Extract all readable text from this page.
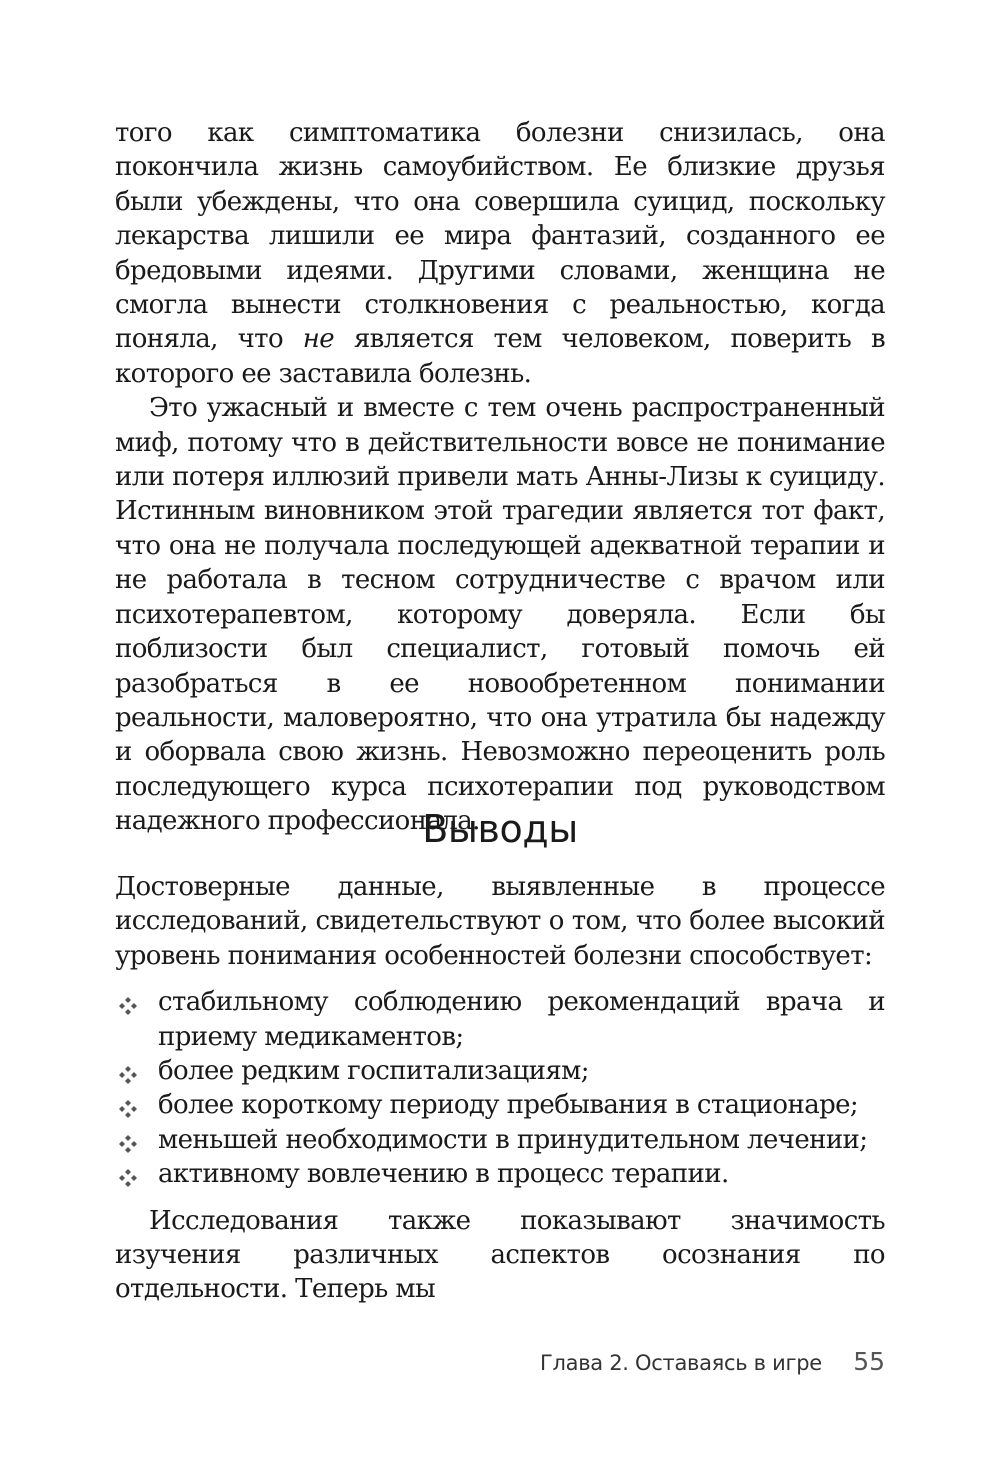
того как симптоматика болезни снизилась, она покончила жизнь самоубийством. Ее близкие друзья были убеждены, что она совершила суицид, поскольку лекарства лишили ее мира фантазий, созданного ее бредовыми идеями. Другими словами, женщина не смогла вынести столкновения с реальностью, когда поняла, что не является тем человеком, поверить в которого ее заставила болезнь.

Это ужасный и вместе с тем очень распространенный миф, потому что в действительности вовсе не понимание или потеря иллюзий привели мать Анны-Лизы к суициду. Истинным виновником этой трагедии является тот факт, что она не получала последующей адекватной терапии и не работала в тесном сотрудничестве с врачом или психотерапевтом, которому доверяла. Если бы поблизости был специалист, готовый помочь ей разобраться в ее новообретенном понимании реальности, маловероятно, что она утратила бы надежду и оборвала свою жизнь. Невозможно переоценить роль последующего курса психотерапии под руководством надежного профессионала.

Выводы

Достоверные данные, выявленные в процессе исследований, свидетельствуют о том, что более высокий уровень понимания особенностей болезни способствует:

стабильному соблюдению рекомендаций врача и приему медикаментов;
более редким госпитализациям;
более короткому периоду пребывания в стационаре;
меньшей необходимости в принудительном лечении;
активному вовлечению в процесс терапии.

Исследования также показывают значимость изучения различных аспектов осознания по отдельности. Теперь мы

Глава 2. Оставаясь в игре 55
